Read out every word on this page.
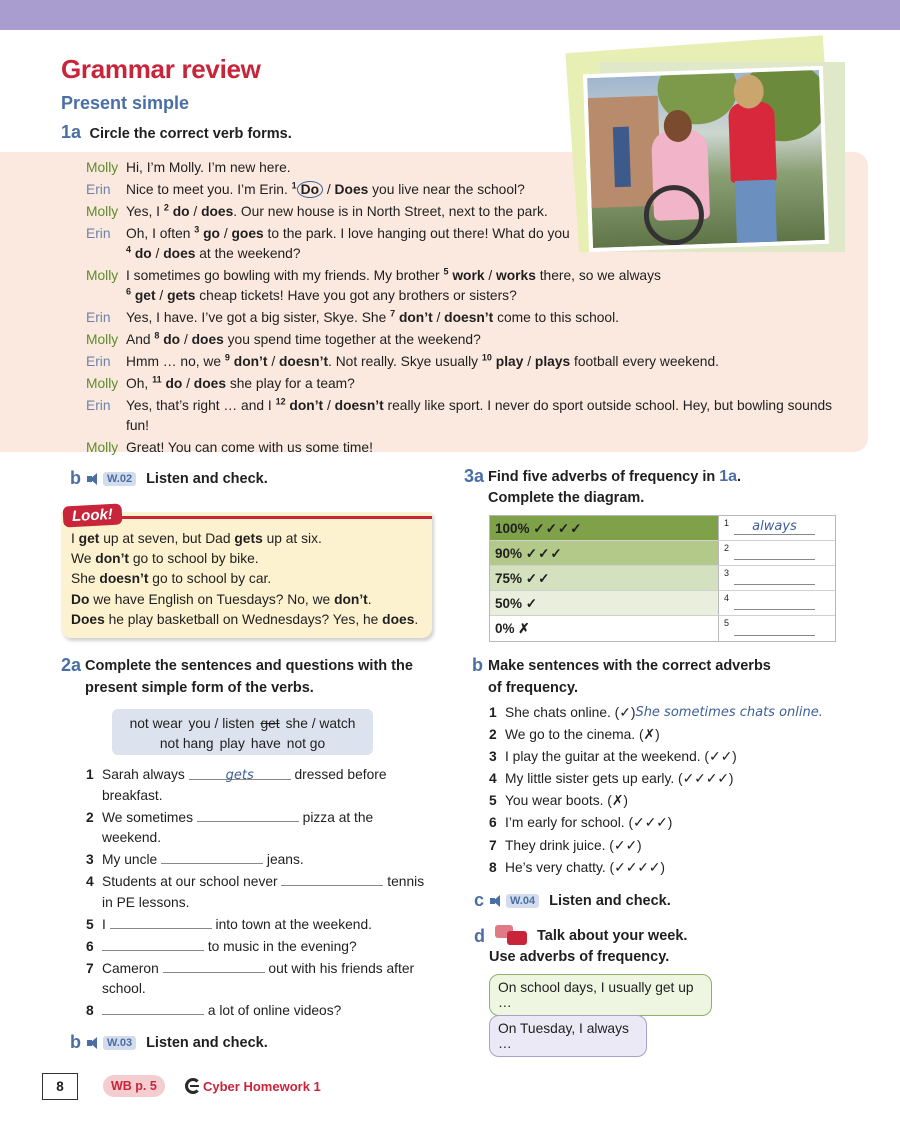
Grammar review
Present simple
1a Circle the correct verb forms.
Molly Hi, I’m Molly. I’m new here.
Erin	Nice to meet you. I’m Erin. $^1$ Do / Does you live near the school?
Molly Yes, I $^2$ do / does. Our new house is in North Street, next to the park.
Erin	Oh, I often $^3$ go / goes to the park. I love hanging out there! What do you
$^4$ do / does at the weekend?
Molly I sometimes go bowling with my friends. My brother $^5$ work / works there, so we always
$^6$ get / gets cheap tickets! Have you got any brothers or sisters?
Erin	Yes, I have. I’ve got a big sister, Skye. She $^7$ don’t / doesn’t come to this school.
Molly And $^8$ do / does you spend time together at the weekend?
Erin	Hmm … no, we $^9$ don’t / doesn’t. Not really. Skye usually $^{10}$ play / plays football every weekend.
Molly Oh, $^{11}$ do / does she play for a team?
Erin	Yes, that’s right … and I $^{12}$ don’t / doesn’t really like sport. I never do sport outside school. Hey, but bowling sounds fun!
Molly Great! You can come with us some time!
b	W.02 Listen and check.
Look!
I get up at seven, but Dad gets up at six.
We don’t go to school by bike.
She doesn’t go to school by car.
Do we have English on Tuesdays? No, we don’t.
Does he play basketball on Wednesdays? Yes, he does.
2a Complete the sentences and questions with the present simple form of the verbs.
not wear you / listen get she / watch
not hang play have not go
1 Sarah always	gets	dressed before breakfast.
2 We sometimes	pizza at the weekend.
3 My uncle	jeans.
4 Students at our school never	tennis in PE lessons.
5 I	into town at the weekend.
6	to music in the evening?
7 Cameron	out with his friends after school.
8	a lot of online videos?
b	W.03 Listen and check.
3a Find five adverbs of frequency in 1a.
Complete the diagram.
100% ✓✓✓✓	1	always
90% ✓✓✓	2
75% ✓✓	3
50% ✓	4
0% ✗	5
b Make sentences with the correct adverbs of frequency.
1 She chats online. (✓) She sometimes chats online.
2 We go to the cinema. (✗)
3 I play the guitar at the weekend. (✓✓)
4 My little sister gets up early. (✓✓✓✓)
5 You wear boots. (✗)
6 I’m early for school. (✓✓✓)
7 They drink juice. (✓✓)
8 He’s very chatty. (✓✓✓✓)
c	W.04 Listen and check.
d	Talk about your week.
Use adverbs of frequency.
On school days, I usually get up …
On Tuesday, I always …
8	WB p. 5	Cyber Homework 1
